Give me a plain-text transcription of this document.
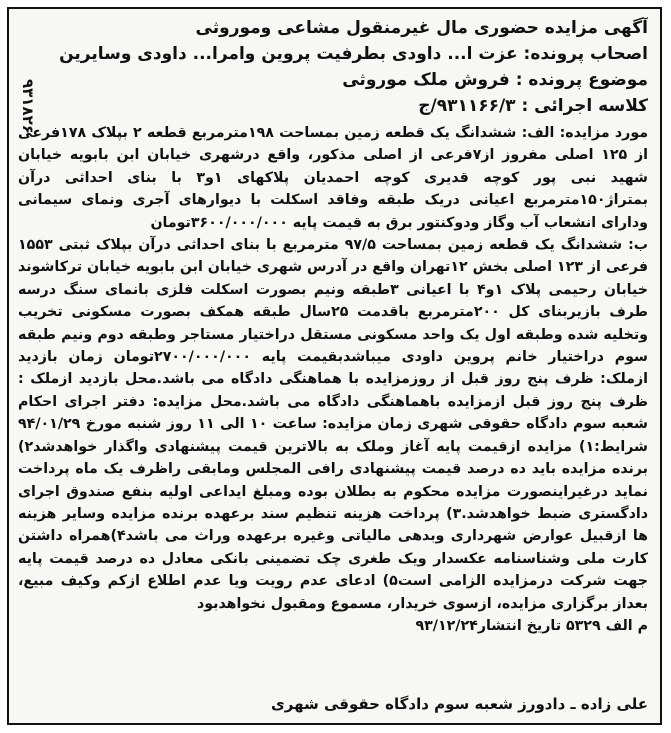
۹۳۱۸۲۶
آگهی مزایده حضوری مال غیرمنقول مشاعی وموروثی
اصحاب پرونده: عزت ا... داودی بطرفیت پروین وامرا... داودی وسایرین
موضوع پرونده : فروش ملک موروثی
کلاسه اجرائی : ۹۳۱۱۶۶/۳/ج

مورد مزایده: الف: ششدانگ یک قطعه زمین بمساحت ۱۹۸مترمربع قطعه ۲ بپلاک ۱۷۸فرعی از ۱۲۵ اصلی مفروز از۷فرعی از اصلی مذکور، واقع درشهری خیابان ابن بابویه خیابان شهید نبی پور کوچه قدیری کوچه احمدیان پلاکهای ۱و۳ با بنای احداثی درآن بمتراژ۱۵۰مترمربع اعیانی دریک طبقه وفاقد اسکلت با دیوارهای آجری ونمای سیمانی ودارای انشعاب آب وگاز ودوکنتور برق به قیمت پایه ۳۶۰۰/۰۰۰/۰۰۰تومان

ب: ششدانگ یک قطعه زمین بمساحت ۹۷/۵ مترمربع با بنای احداثی درآن بپلاک ثبتی ۱۵۵۳ فرعی از ۱۲۳ اصلی بخش ۱۲تهران واقع در آدرس شهری خیابان ابن بابویه خیابان ترکاشوند خیابان رحیمی پلاک ۱و۴ با اعیانی ۳طبقه ونیم بصورت اسکلت فلزی بانمای سنگ درسه طرف بازیربنای کل ۲۰۰مترمربع باقدمت ۲۵سال طبقه همکف بصورت مسکونی تخریب وتخلیه شده وطبقه اول یک واحد مسکونی مستقل دراختیار مستاجر وطبقه دوم ونیم طبقه سوم دراختیار خانم پروین داودی میباشدبقیمت پایه ۲۷۰۰/۰۰۰/۰۰۰تومان زمان بازدید ازملک: ظرف پنج روز قبل از روزمزایده با هماهنگی دادگاه می باشد.محل بازدید ازملک : ظرف پنج روز قبل ازمزایده باهماهنگی دادگاه می باشد.محل مزایده: دفتر اجرای احکام شعبه سوم دادگاه حقوقی شهری زمان مزایده: ساعت ۱۰ الی ۱۱ روز شنبه مورخ ۹۴/۰۱/۲۹ شرایط:۱) مزایده ازقیمت پایه آغاز وملک به بالاترین قیمت پیشنهادی واگذار خواهدشد۲) برنده مزایده باید ده درصد قیمت پیشنهادی رافی المجلس ومابقی راظرف یک ماه پرداخت نماید درغیراینصورت مزایده محکوم به بطلان بوده ومبلغ ایداعی اولیه بنفع صندوق اجرای دادگستری ضبط خواهدشد.۳) پرداخت هزینه تنظیم سند برعهده برنده مزایده وسایر هزینه ها ازقبیل عوارض شهرداری وبدهی مالیاتی وغیره برعهده وراث می باشد۴)همراه داشتن کارت ملی وشناسنامه عکسدار ویک طغری چک تضمینی بانکی معادل ده درصد قیمت پایه جهت شرکت درمزایده الزامی است۵) ادعای عدم رویت ویا عدم اطلاع ازکم وکیف مبیع، بعداز برگزاری مزایده، ازسوی خریدار، مسموع ومقبول نخواهدبود

م الف ۵۳۲۹ تاریخ انتشار۹۳/۱۲/۲۴

علی زاده ـ دادورز شعبه سوم دادگاه حقوقی شهری
